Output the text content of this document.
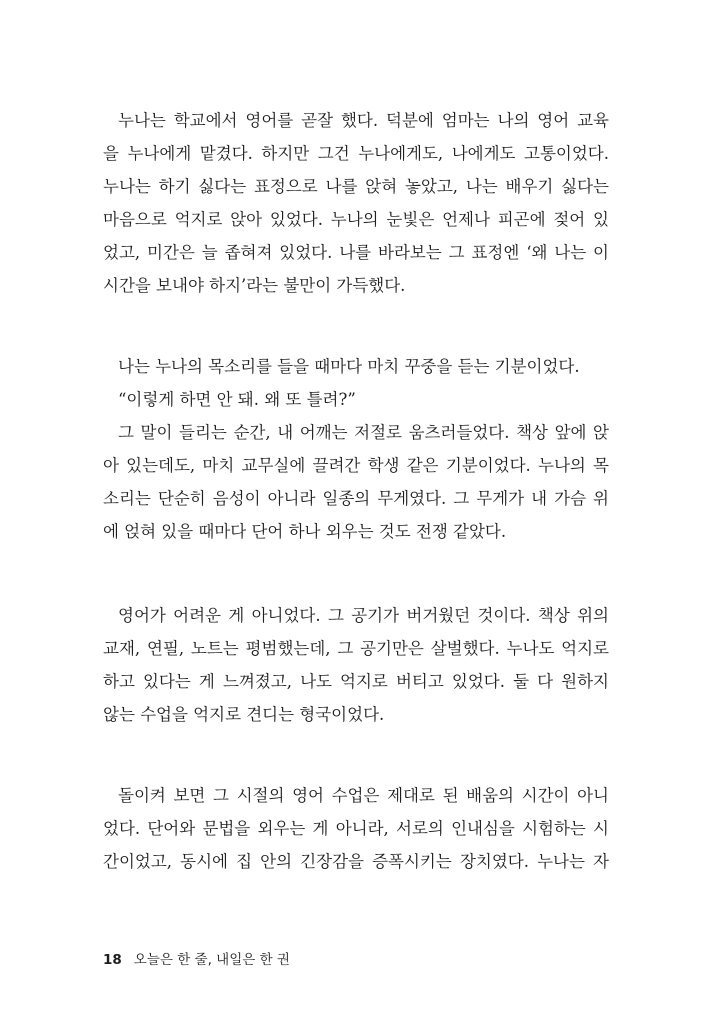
누나는 학교에서 영어를 곧잘 했다. 덕분에 엄마는 나의 영어 교육
을 누나에게 맡겼다. 하지만 그건 누나에게도, 나에게도 고통이었다.
누나는 하기 싫다는 표정으로 나를 앉혀 놓았고, 나는 배우기 싫다는
마음으로 억지로 앉아 있었다. 누나의 눈빛은 언제나 피곤에 젖어 있
었고, 미간은 늘 좁혀져 있었다. 나를 바라보는 그 표정엔 ‘왜 나는 이
시간을 보내야 하지’라는 불만이 가득했다.
나는 누나의 목소리를 들을 때마다 마치 꾸중을 듣는 기분이었다.
“이렇게 하면 안 돼. 왜 또 틀려?”
그 말이 들리는 순간, 내 어깨는 저절로 움츠러들었다. 책상 앞에 앉
아 있는데도, 마치 교무실에 끌려간 학생 같은 기분이었다. 누나의 목
소리는 단순히 음성이 아니라 일종의 무게였다. 그 무게가 내 가슴 위
에 얹혀 있을 때마다 단어 하나 외우는 것도 전쟁 같았다.
영어가 어려운 게 아니었다. 그 공기가 버거웠던 것이다. 책상 위의
교재, 연필, 노트는 평범했는데, 그 공기만은 살벌했다. 누나도 억지로
하고 있다는 게 느껴졌고, 나도 억지로 버티고 있었다. 둘 다 원하지
않는 수업을 억지로 견디는 형국이었다.
돌이켜 보면 그 시절의 영어 수업은 제대로 된 배움의 시간이 아니
었다. 단어와 문법을 외우는 게 아니라, 서로의 인내심을 시험하는 시
간이었고, 동시에 집 안의 긴장감을 증폭시키는 장치였다. 누나는 자
18 오늘은 한 줄, 내일은 한 권
